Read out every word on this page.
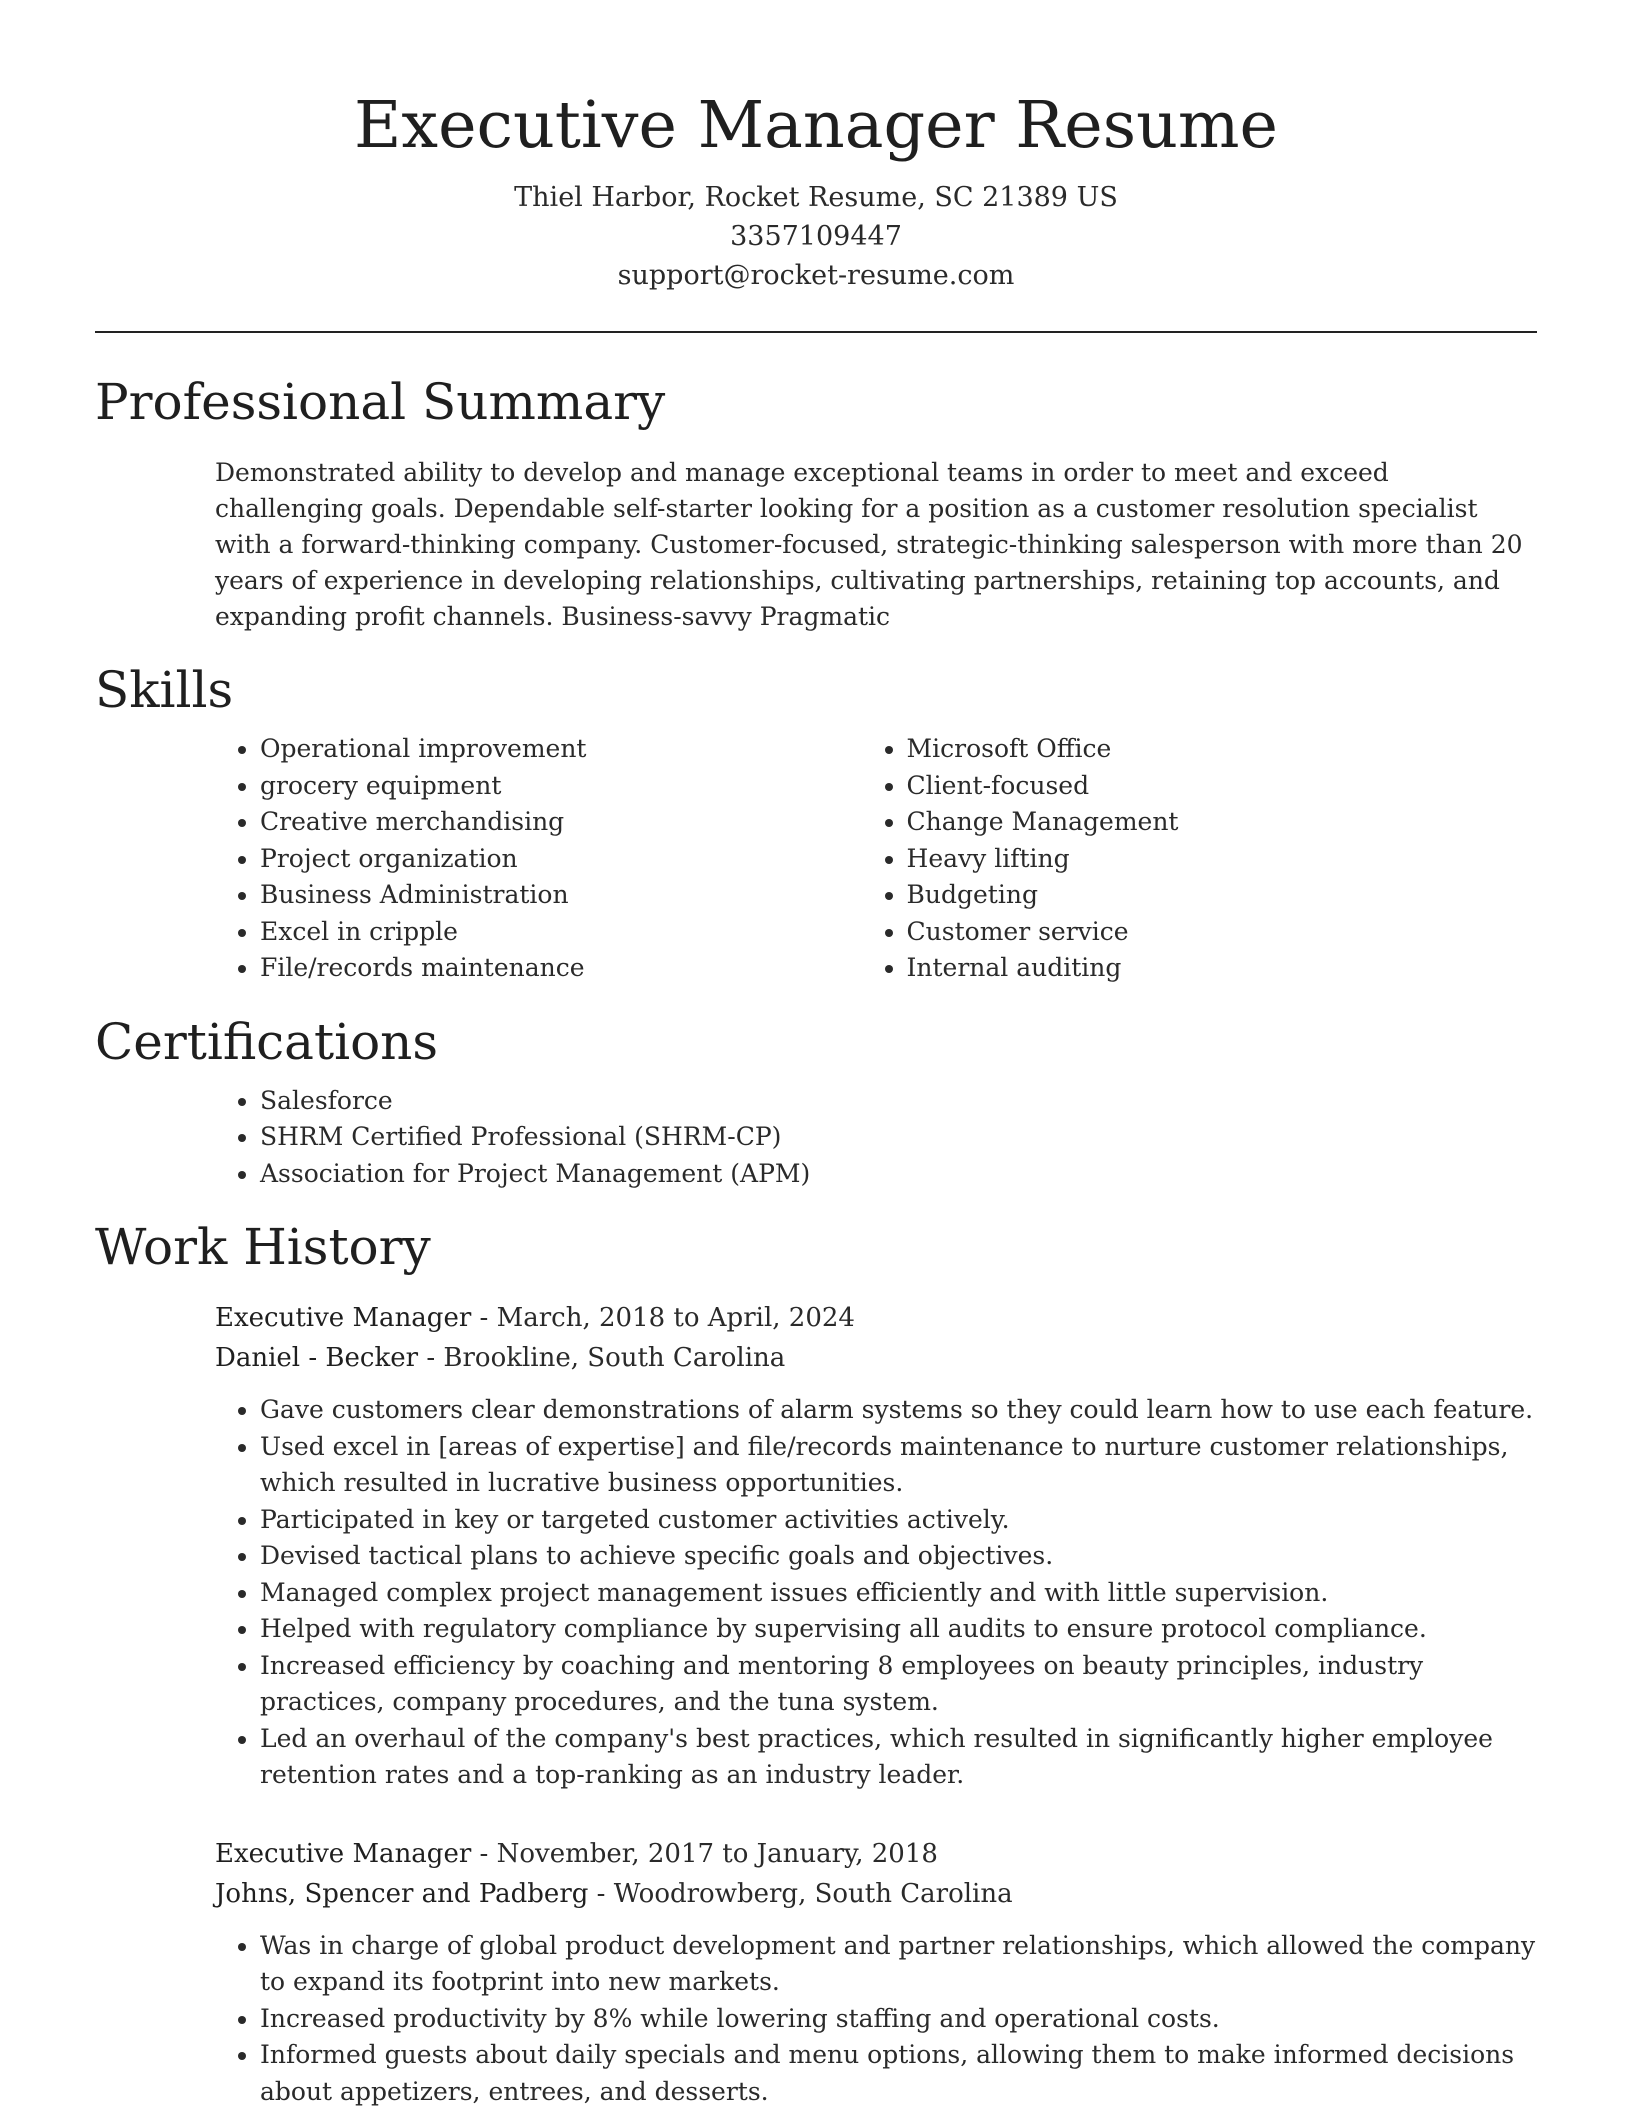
Executive Manager Resume

Thiel Harbor, Rocket Resume, SC 21389 US

3357109447

support@rocket-resume.com

Professional Summary

Demonstrated ability to develop and manage exceptional teams in order to meet and exceed challenging goals. Dependable self-starter looking for a position as a customer resolution specialist with a forward-thinking company. Customer-focused, strategic-thinking salesperson with more than 20 years of experience in developing relationships, cultivating partnerships, retaining top accounts, and expanding profit channels. Business-savvy Pragmatic

Skills
• Operational improvement
• grocery equipment
• Creative merchandising
• Project organization
• Business Administration
• Excel in cripple
• File/records maintenance
• Microsoft Office
• Client-focused
• Change Management
• Heavy lifting
• Budgeting
• Customer service
• Internal auditing
Certifications
• Salesforce
• SHRM Certified Professional (SHRM-CP)
• Association for Project Management (APM)
Work History

Executive Manager - March, 2018 to April, 2024

Daniel - Becker - Brookline, South Carolina

• Gave customers clear demonstrations of alarm systems so they could learn how to use each feature.
• Used excel in [areas of expertise] and file/records maintenance to nurture customer relationships, which resulted in lucrative business opportunities.
• Participated in key or targeted customer activities actively.
• Devised tactical plans to achieve specific goals and objectives.
• Managed complex project management issues efficiently and with little supervision.
• Helped with regulatory compliance by supervising all audits to ensure protocol compliance.
• Increased efficiency by coaching and mentoring 8 employees on beauty principles, industry practices, company procedures, and the tuna system.
• Led an overhaul of the company's best practices, which resulted in significantly higher employee retention rates and a top-ranking as an industry leader.

Executive Manager - November, 2017 to January, 2018

Johns, Spencer and Padberg - Woodrowberg, South Carolina

• Was in charge of global product development and partner relationships, which allowed the company to expand its footprint into new markets.
• Increased productivity by 8% while lowering staffing and operational costs.
• Informed guests about daily specials and menu options, allowing them to make informed decisions about appetizers, entrees, and desserts.
